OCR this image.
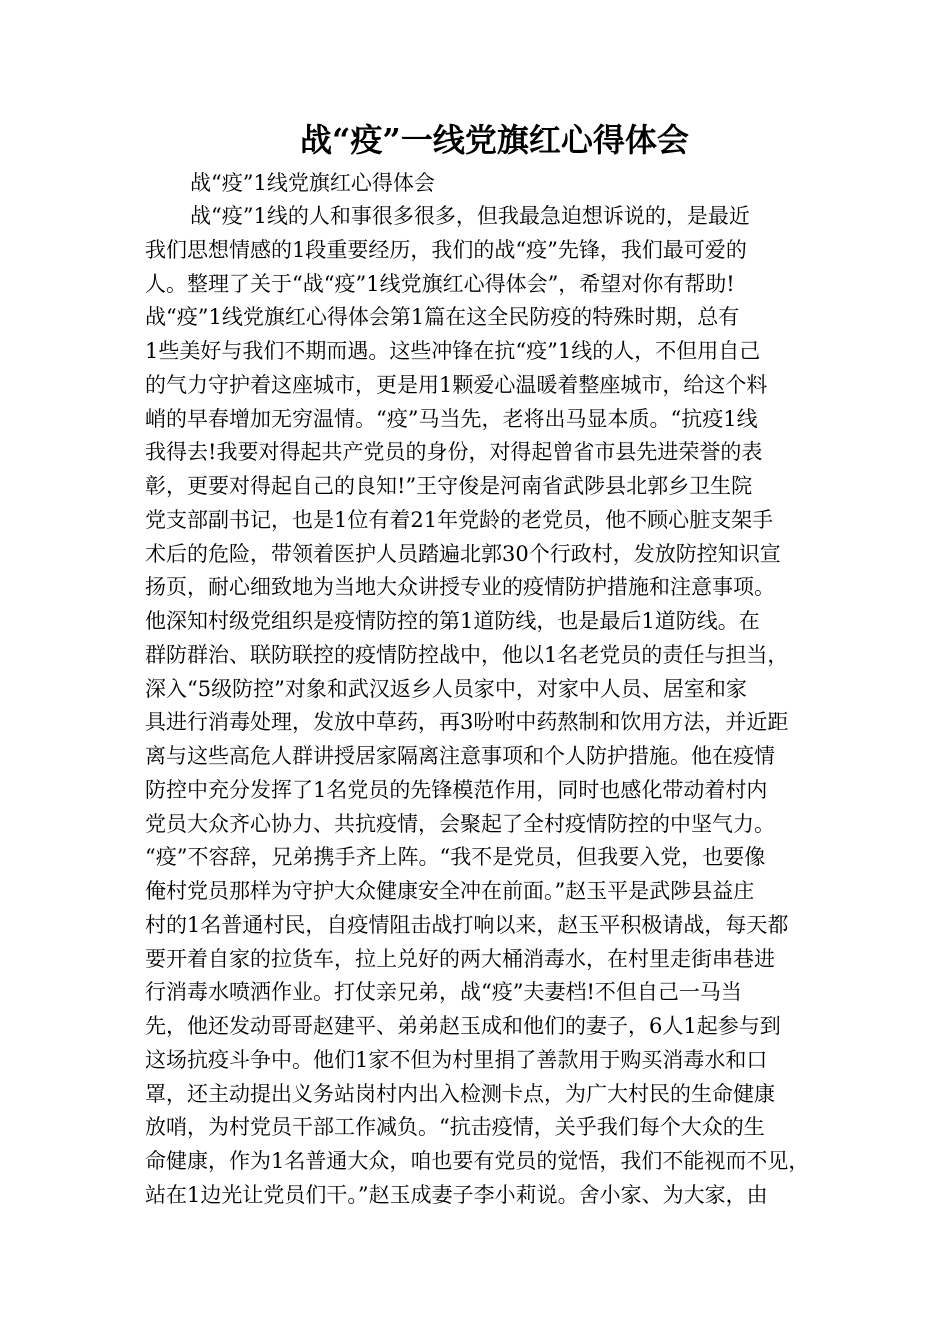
战“疫”一线党旗红心得体会
战“疫”1线党旗红心得体会
战“疫”1线的人和事很多很多，但我最急迫想诉说的，是最近
我们思想情感的1段重要经历，我们的战“疫”先锋，我们最可爱的
人。整理了关于“战“疫”1线党旗红心得体会”，希望对你有帮助!
战“疫”1线党旗红心得体会第1篇在这全民防疫的特殊时期，总有
1些美好与我们不期而遇。这些冲锋在抗“疫”1线的人，不但用自己
的气力守护着这座城市，更是用1颗爱心温暖着整座城市，给这个料
峭的早春增加无穷温情。“疫”马当先，老将出马显本质。“抗疫1线
我得去!我要对得起共产党员的身份，对得起曾省市县先进荣誉的表
彰，更要对得起自己的良知!”王守俊是河南省武陟县北郭乡卫生院
党支部副书记，也是1位有着21年党龄的老党员，他不顾心脏支架手
术后的危险，带领着医护人员踏遍北郭30个行政村，发放防控知识宣
扬页，耐心细致地为当地大众讲授专业的疫情防护措施和注意事项。
他深知村级党组织是疫情防控的第1道防线，也是最后1道防线。在
群防群治、联防联控的疫情防控战中，他以1名老党员的责任与担当，
深入“5级防控”对象和武汉返乡人员家中，对家中人员、居室和家
具进行消毒处理，发放中草药，再3吩咐中药熬制和饮用方法，并近距
离与这些高危人群讲授居家隔离注意事项和个人防护措施。他在疫情
防控中充分发挥了1名党员的先锋模范作用，同时也感化带动着村内
党员大众齐心协力、共抗疫情，会聚起了全村疫情防控的中坚气力。
“疫”不容辞，兄弟携手齐上阵。“我不是党员，但我要入党，也要像
俺村党员那样为守护大众健康安全冲在前面。”赵玉平是武陟县益庄
村的1名普通村民，自疫情阻击战打响以来，赵玉平积极请战，每天都
要开着自家的拉货车，拉上兑好的两大桶消毒水，在村里走街串巷进
行消毒水喷洒作业。打仗亲兄弟，战“疫”夫妻档!不但自己一马当
先，他还发动哥哥赵建平、弟弟赵玉成和他们的妻子，6人1起参与到
这场抗疫斗争中。他们1家不但为村里捐了善款用于购买消毒水和口
罩，还主动提出义务站岗村内出入检测卡点，为广大村民的生命健康
放哨，为村党员干部工作减负。“抗击疫情，关乎我们每个大众的生
命健康，作为1名普通大众，咱也要有党员的觉悟，我们不能视而不见，
站在1边光让党员们干。”赵玉成妻子李小莉说。舍小家、为大家，由
